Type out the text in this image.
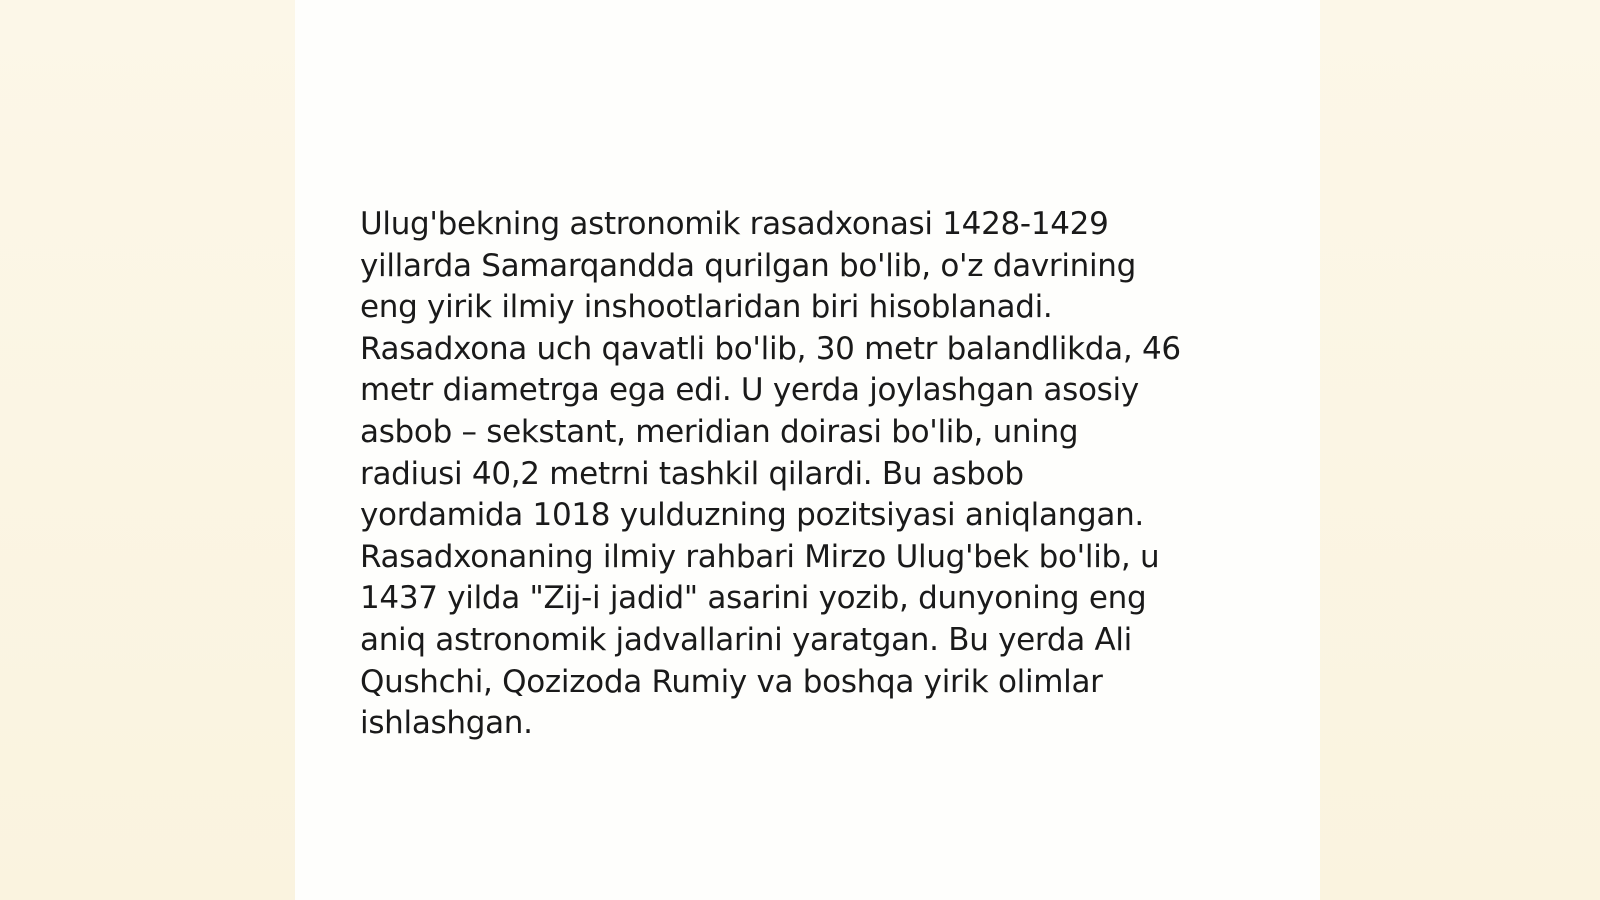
Ulug'bekning astronomik rasadxonasi 1428-1429
yillarda Samarqandda qurilgan bo'lib, o'z davrining
eng yirik ilmiy inshootlaridan biri hisoblanadi.
Rasadxona uch qavatli bo'lib, 30 metr balandlikda, 46
metr diametrga ega edi. U yerda joylashgan asosiy
asbob – sekstant, meridian doirasi bo'lib, uning
radiusi 40,2 metrni tashkil qilardi. Bu asbob
yordamida 1018 yulduzning pozitsiyasi aniqlangan.
Rasadxonaning ilmiy rahbari Mirzo Ulug'bek bo'lib, u
1437 yilda "Zij-i jadid" asarini yozib, dunyoning eng
aniq astronomik jadvallarini yaratgan. Bu yerda Ali
Qushchi, Qozizoda Rumiy va boshqa yirik olimlar
ishlashgan.
